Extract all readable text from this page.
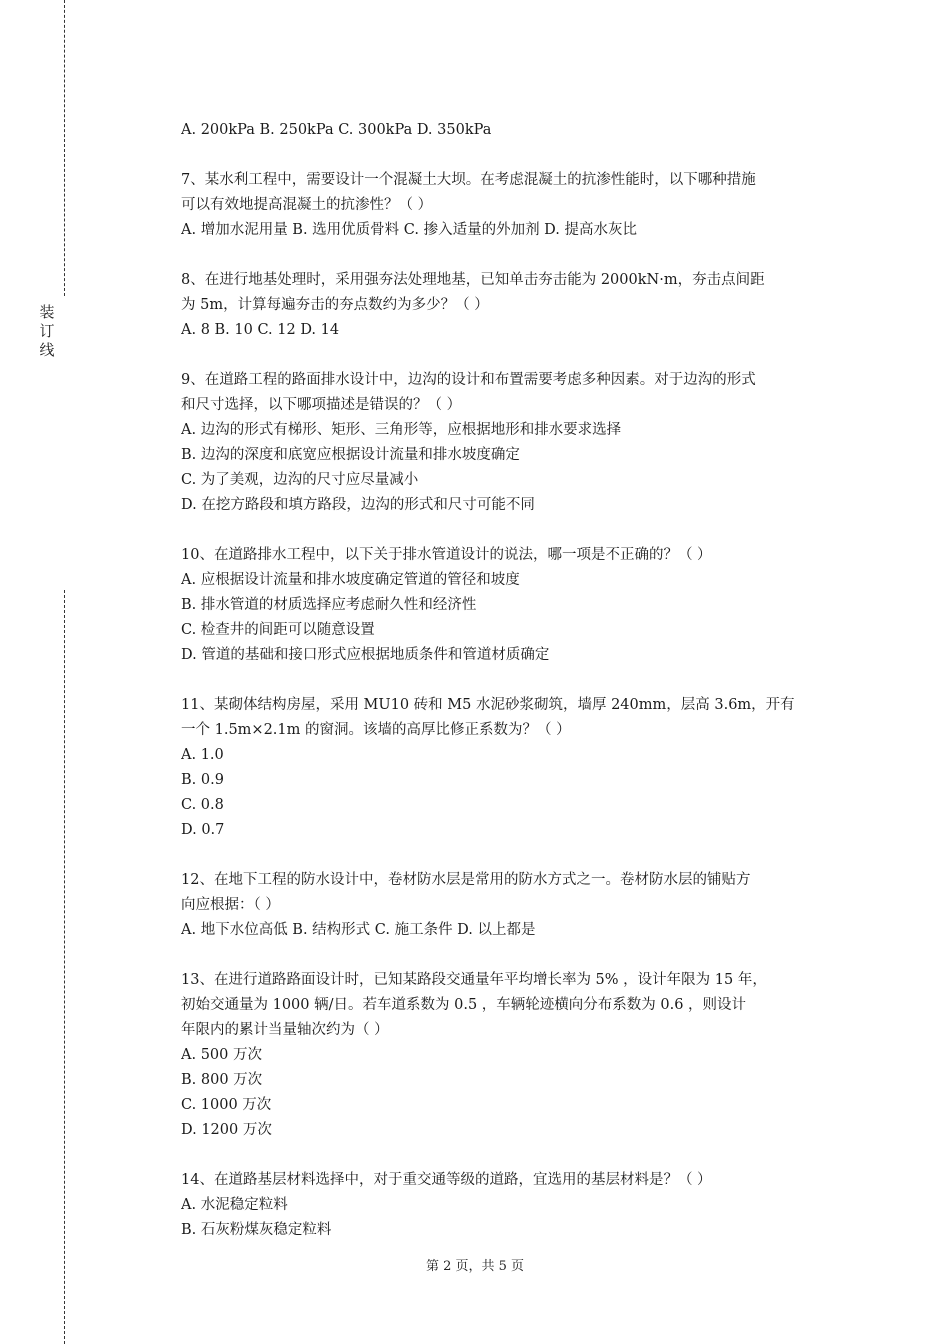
装
订
线
A. 200kPa B. 250kPa C. 300kPa D. 350kPa
7、某水利工程中，需要设计一个混凝土大坝。在考虑混凝土的抗渗性能时，以下哪种措施
可以有效地提高混凝土的抗渗性？（ ）
A. 增加水泥用量 B. 选用优质骨料 C. 掺入适量的外加剂 D. 提高水灰比
8、在进行地基处理时，采用强夯法处理地基，已知单击夯击能为 2000kN·m，夯击点间距
为 5m，计算每遍夯击的夯点数约为多少？（ ）
A. 8 B. 10 C. 12 D. 14
9、在道路工程的路面排水设计中，边沟的设计和布置需要考虑多种因素。对于边沟的形式
和尺寸选择，以下哪项描述是错误的？（ ）
A. 边沟的形式有梯形、矩形、三角形等，应根据地形和排水要求选择
B. 边沟的深度和底宽应根据设计流量和排水坡度确定
C. 为了美观，边沟的尺寸应尽量减小
D. 在挖方路段和填方路段，边沟的形式和尺寸可能不同
10、在道路排水工程中，以下关于排水管道设计的说法，哪一项是不正确的？（ ）
A. 应根据设计流量和排水坡度确定管道的管径和坡度
B. 排水管道的材质选择应考虑耐久性和经济性
C. 检查井的间距可以随意设置
D. 管道的基础和接口形式应根据地质条件和管道材质确定
11、某砌体结构房屋，采用 MU10 砖和 M5 水泥砂浆砌筑，墙厚 240mm，层高 3.6m，开有
一个 1.5m×2.1m 的窗洞。该墙的高厚比修正系数为？（ ）
A. 1.0
B. 0.9
C. 0.8
D. 0.7
12、在地下工程的防水设计中，卷材防水层是常用的防水方式之一。卷材防水层的铺贴方
向应根据：（ ）
A. 地下水位高低 B. 结构形式 C. 施工条件 D. 以上都是
13、在进行道路路面设计时，已知某路段交通量年平均增长率为 5% ，设计年限为 15 年，
初始交通量为 1000 辆/日。若车道系数为 0.5 ，车辆轮迹横向分布系数为 0.6 ，则设计
年限内的累计当量轴次约为（ ）
A. 500 万次
B. 800 万次
C. 1000 万次
D. 1200 万次
14、在道路基层材料选择中，对于重交通等级的道路，宜选用的基层材料是？（ ）
A. 水泥稳定粒料
B. 石灰粉煤灰稳定粒料
第 2 页，共 5 页
